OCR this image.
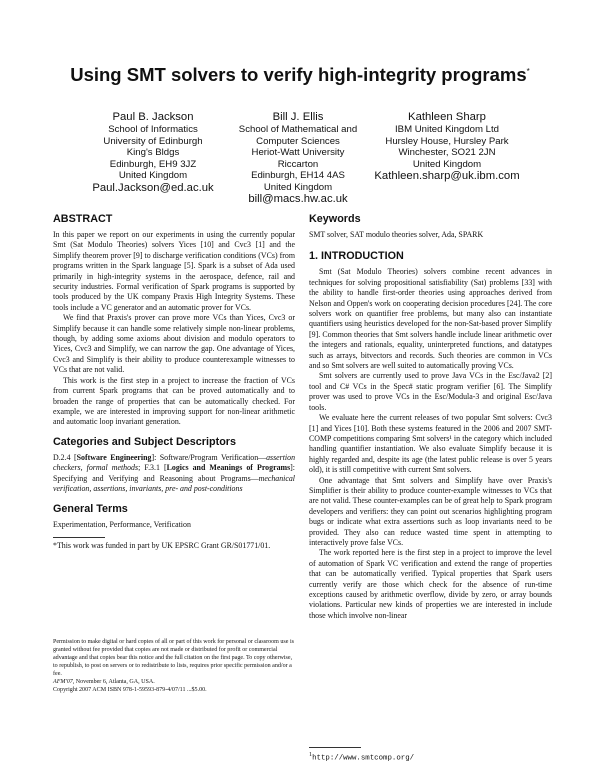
Using SMT solvers to verify high-integrity programs*
Paul B. Jackson
School of Informatics
University of Edinburgh
King's Bldgs
Edinburgh, EH9 3JZ
United Kingdom
Paul.Jackson@ed.ac.uk
Bill J. Ellis
School of Mathematical and
Computer Sciences
Heriot-Watt University
Riccarton
Edinburgh, EH14 4AS
United Kingdom
bill@macs.hw.ac.uk
Kathleen Sharp
IBM United Kingdom Ltd
Hursley House, Hursley Park
Winchester, SO21 2JN
United Kingdom
Kathleen.sharp@uk.ibm.com
ABSTRACT

In this paper we report on our experiments in using the currently popular Smt (Sat Modulo Theories) solvers Yices [10] and Cvc3 [1] and the Simplify theorem prover [9] to discharge verification conditions (VCs) from programs written in the Spark language [5]. Spark is a subset of Ada used primarily in high-integrity systems in the aerospace, defence, rail and security industries. Formal verification of Spark programs is supported by tools produced by the UK company Praxis High Integrity Systems. These tools include a VC generator and an automatic prover for VCs.

We find that Praxis's prover can prove more VCs than Yices, Cvc3 or Simplify because it can handle some relatively simple non-linear problems, though, by adding some axioms about division and modulo operators to Yices, Cvc3 and Simplify, we can narrow the gap. One advantage of Yices, Cvc3 and Simplify is their ability to produce counterexample witnesses to VCs that are not valid.

This work is the first step in a project to increase the fraction of VCs from current Spark programs that can be proved automatically and to broaden the range of properties that can be automatically checked. For example, we are interested in improving support for non-linear arithmetic and automatic loop invariant generation.

Categories and Subject Descriptors

D.2.4 [Software Engineering]: Software/Program Verification—assertion checkers, formal methods; F.3.1 [Logics and Meanings of Programs]: Specifying and Verifying and Reasoning about Programs—mechanical verification, assertions, invariants, pre- and post-conditions

General Terms

Experimentation, Performance, Verification

*This work was funded in part by UK EPSRC Grant GR/S01771/01.
Permission to make digital or hard copies of all or part of this work for personal or classroom use is granted without fee provided that copies are not made or distributed for profit or commercial advantage and that copies bear this notice and the full citation on the first page. To copy otherwise, to republish, to post on servers or to redistribute to lists, requires prior specific permission and/or a fee.
AFM'07, November 6, Atlanta, GA, USA.
Copyright 2007 ACM ISBN 978-1-59593-879-4/07/11 ...$5.00.
Keywords

SMT solver, SAT modulo theories solver, Ada, SPARK

1. INTRODUCTION

Smt (Sat Modulo Theories) solvers combine recent advances in techniques for solving propositional satisfiability (Sat) problems [33] with the ability to handle first-order theories using approaches derived from Nelson and Oppen's work on cooperating decision procedures [24]. The core solvers work on quantifier free problems, but many also can instantiate quantifiers using heuristics developed for the non-Sat-based prover Simplify [9]. Common theories that Smt solvers handle include linear arithmetic over the integers and rationals, equality, uninterpreted functions, and datatypes such as arrays, bitvectors and records. Such theories are common in VCs and so Smt solvers are well suited to automatically proving VCs.

Smt solvers are currently used to prove Java VCs in the Esc/Java2 [2] tool and C# VCs in the Spec# static program verifier [6]. The Simplify prover was used to prove VCs in the Esc/Modula-3 and original Esc/Java tools.

We evaluate here the current releases of two popular Smt solvers: Cvc3 [1] and Yices [10]. Both these systems featured in the 2006 and 2007 SMT-COMP competitions comparing Smt solvers¹ in the category which included handling quantifier instantiation. We also evaluate Simplify because it is highly regarded and, despite its age (the latest public release is over 5 years old), it is still competitive with current Smt solvers.

One advantage that Smt solvers and Simplify have over Praxis's Simplifier is their ability to produce counter-example witnesses to VCs that are not valid. These counter-examples can be of great help to Spark program developers and verifiers: they can point out scenarios highlighting program bugs or indicate what extra assertions such as loop invariants need to be provided. They also can reduce wasted time spent in attempting to interactively prove false VCs.

The work reported here is the first step in a project to improve the level of automation of Spark VC verification and extend the range of properties that can be automatically verified. Typical properties that Spark users currently verify are those which check for the absence of run-time exceptions caused by arithmetic overflow, divide by zero, or array bounds violations. Particular new kinds of properties we are interested in include those which involve non-linear

$^1$http://www.smtcomp.org/
